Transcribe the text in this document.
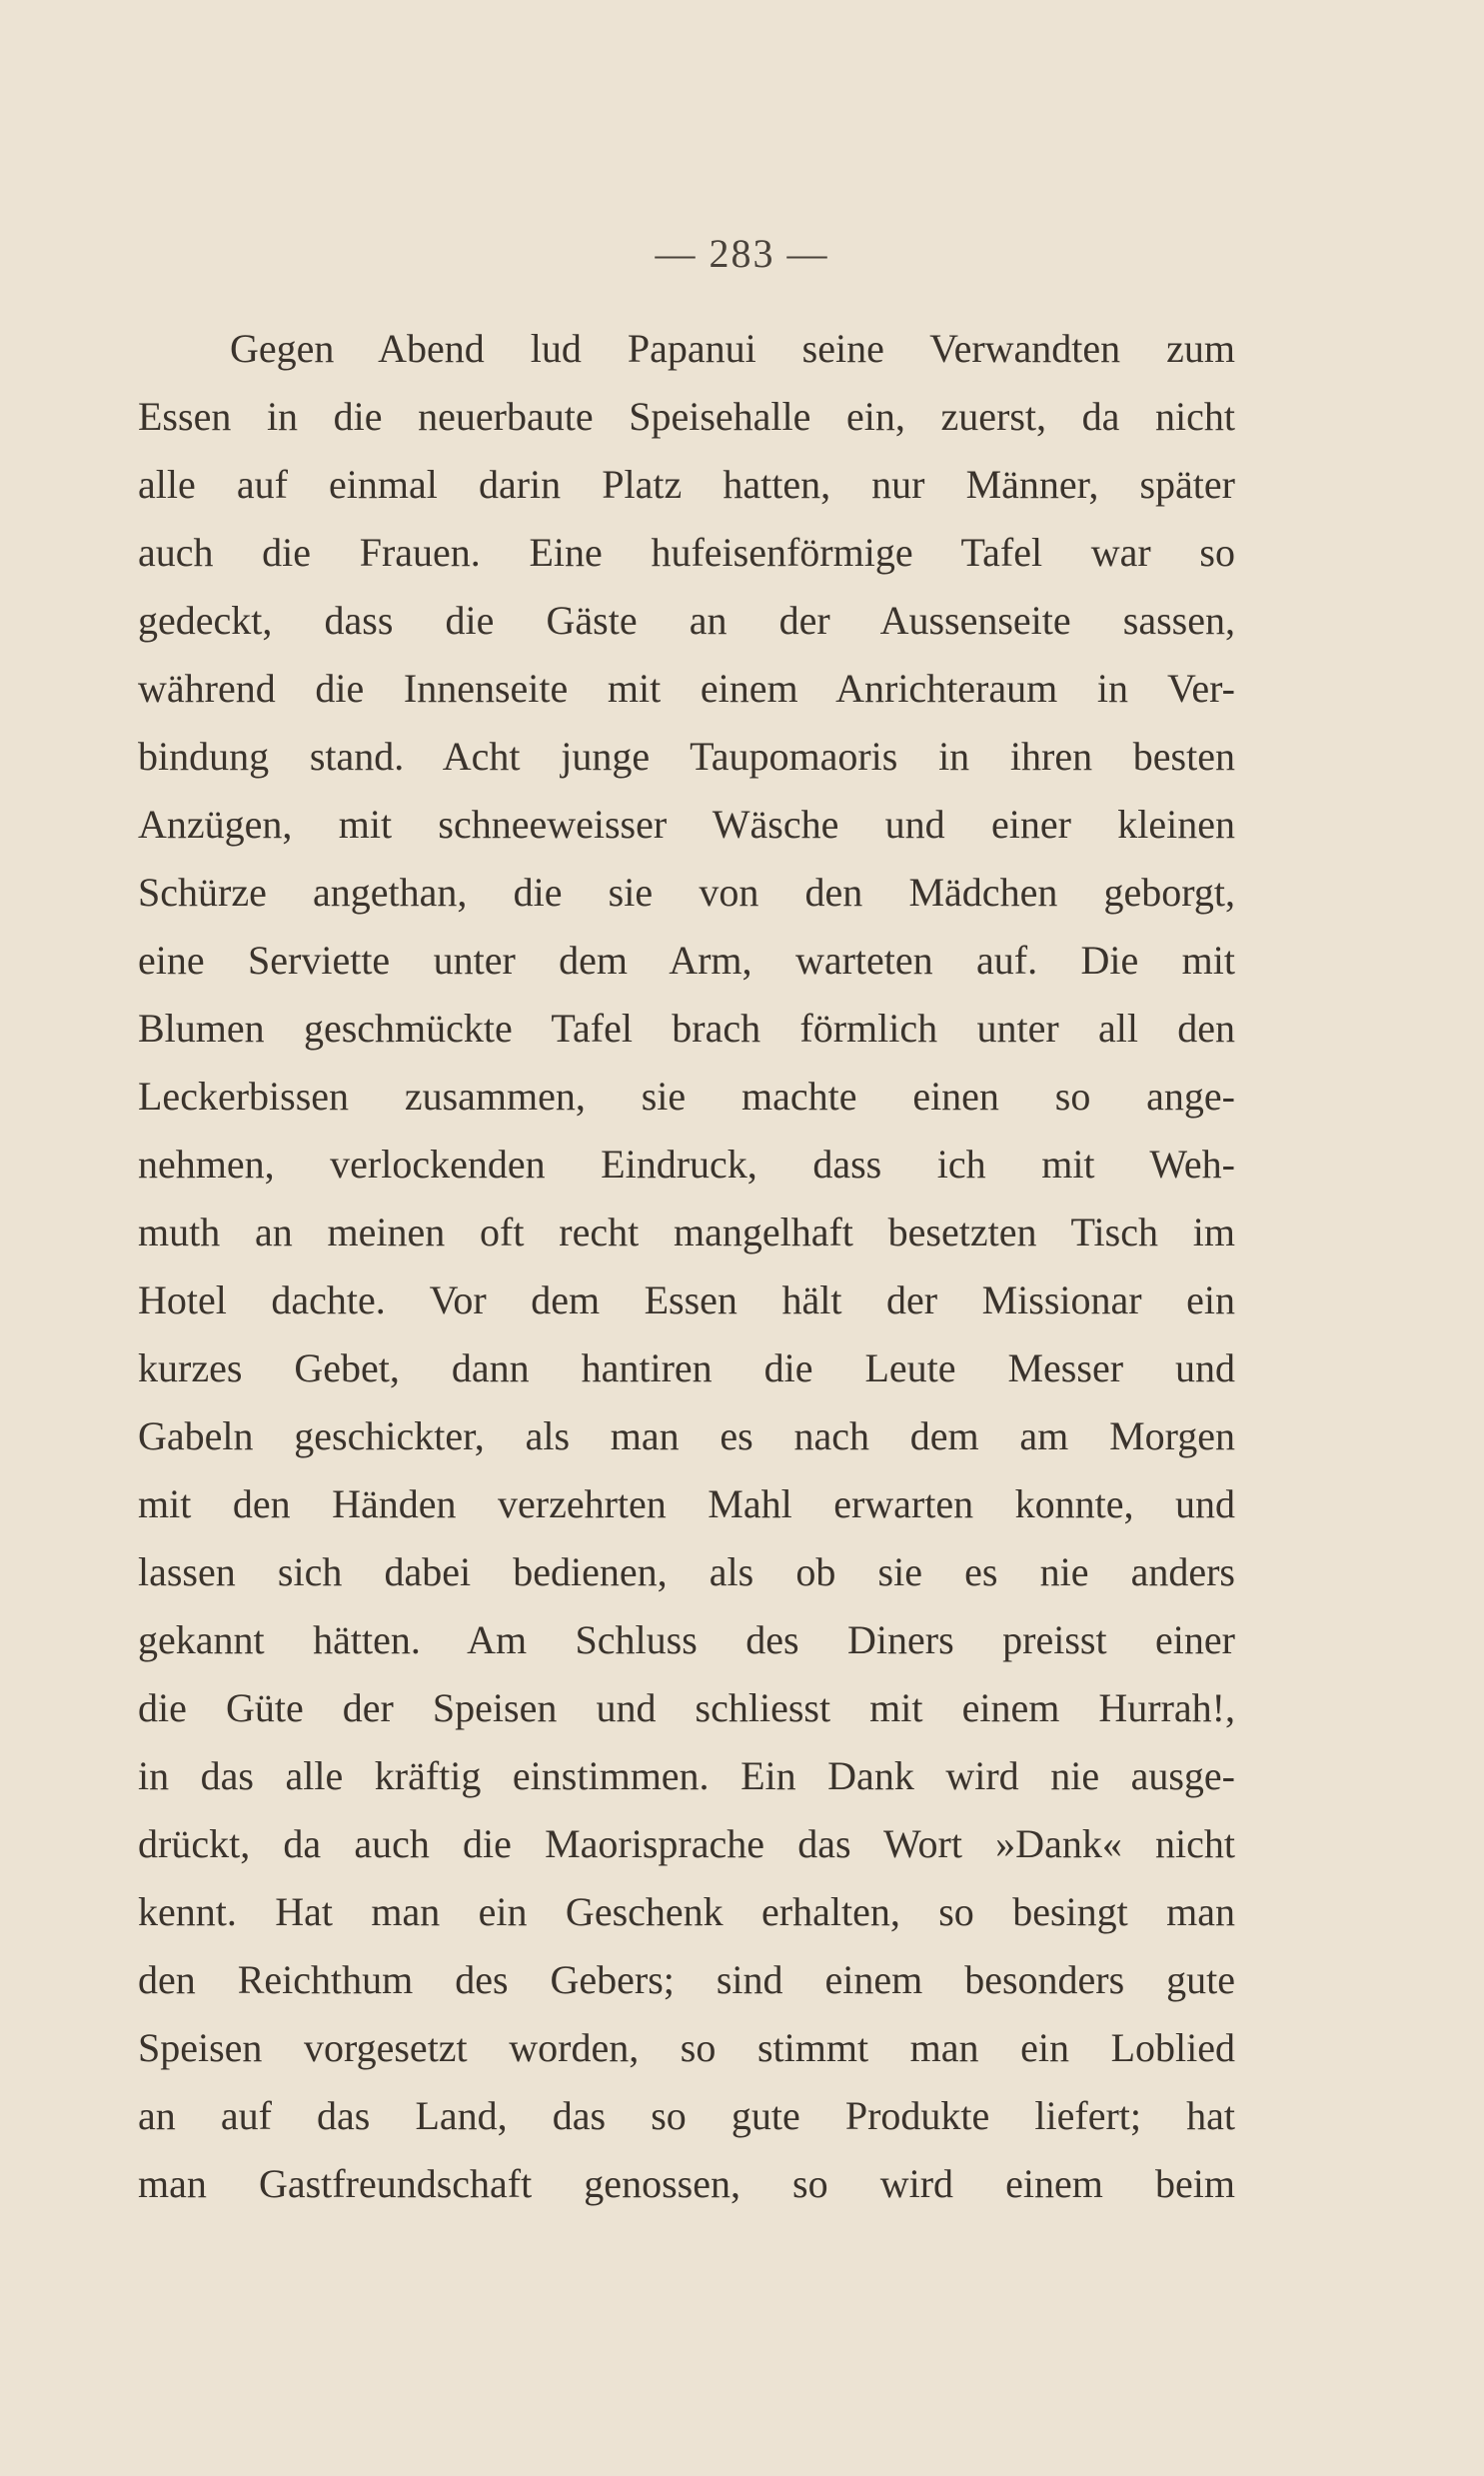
— 283 —
Gegen Abend lud Papanui seine Verwandten zum
Essen in die neuerbaute Speisehalle ein, zuerst, da nicht
alle auf einmal darin Platz hatten, nur Männer, später
auch die Frauen. Eine hufeisenförmige Tafel war so
gedeckt, dass die Gäste an der Aussenseite sassen,
während die Innenseite mit einem Anrichteraum in Ver-
bindung stand. Acht junge Taupomaoris in ihren besten
Anzügen, mit schneeweisser Wäsche und einer kleinen
Schürze angethan, die sie von den Mädchen geborgt,
eine Serviette unter dem Arm, warteten auf. Die mit
Blumen geschmückte Tafel brach förmlich unter all den
Leckerbissen zusammen, sie machte einen so ange-
nehmen, verlockenden Eindruck, dass ich mit Weh-
muth an meinen oft recht mangelhaft besetzten Tisch im
Hotel dachte. Vor dem Essen hält der Missionar ein
kurzes Gebet, dann hantiren die Leute Messer und
Gabeln geschickter, als man es nach dem am Morgen
mit den Händen verzehrten Mahl erwarten konnte, und
lassen sich dabei bedienen, als ob sie es nie anders
gekannt hätten. Am Schluss des Diners preisst einer
die Güte der Speisen und schliesst mit einem Hurrah!,
in das alle kräftig einstimmen. Ein Dank wird nie ausge-
drückt, da auch die Maorisprache das Wort »Dank« nicht
kennt. Hat man ein Geschenk erhalten, so besingt man
den Reichthum des Gebers; sind einem besonders gute
Speisen vorgesetzt worden, so stimmt man ein Loblied
an auf das Land, das so gute Produkte liefert; hat
man Gastfreundschaft genossen, so wird einem beim
